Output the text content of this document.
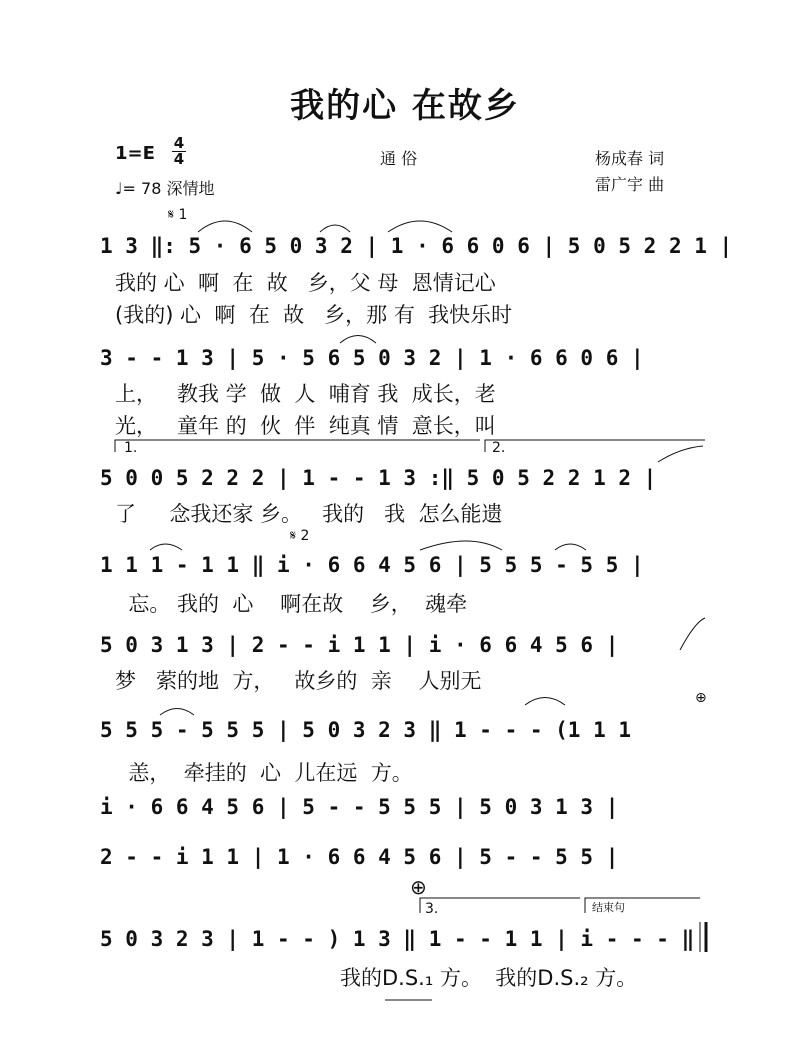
我的心 在故乡
1=E 4
4	通 俗	杨成春 词
雷广宇 曲
♩= 78 深情地
𝄋 1
𝄋 2
1 3 ‖: 5 · 6 5 0 3 2 | 1 · 6 6 0 6 | 5 0 5 2 2 1 |
我的 心  啊  在  故   乡，父 母  恩情记心
(我的) 心  啊  在  故   乡，那 有  我快乐时
3 - - 1 3 | 5 · 5 6 5 0 3 2 | 1 · 6 6 0 6 |
上，   教我 学  做  人  哺育 我  成长，老
光，   童年 的  伙  伴  纯真 情  意长，叫
1.	2.
5 0 0 5 2 2 2 | 1 - - 1 3 :‖ 5 0 5 2 2 1 2 |
了     念我还家 乡。   我的   我  怎么能遗
1 1 1 - 1 1 ‖ i · 6 6 4 5 6 | 5 5 5 - 5 5 |
忘。 我的  心    啊在故    乡，  魂牵
5 0 3 1 3 | 2 - - i 1 1 | i · 6 6 4 5 6 |
梦   萦的地  方，   故乡的  亲    人别无
5 5 5 - 5 5 5 | 5 0 3 2 3 ‖ 1 - - - (1 1 1
恙，  牵挂的  心  儿在远  方。
i · 6 6 4 5 6 | 5 - - 5 5 5 | 5 0 3 1 3 |
2 - - i 1 1 | 1 · 6 6 4 5 6 | 5 - - 5 5 |
⊕
⊕
3.	结束句
5 0 3 2 3 | 1 - - ) 1 3 ‖ 1 - - 1 1 | i - - - ‖
我的D.S.₁ 方。  我的D.S.₂ 方。
